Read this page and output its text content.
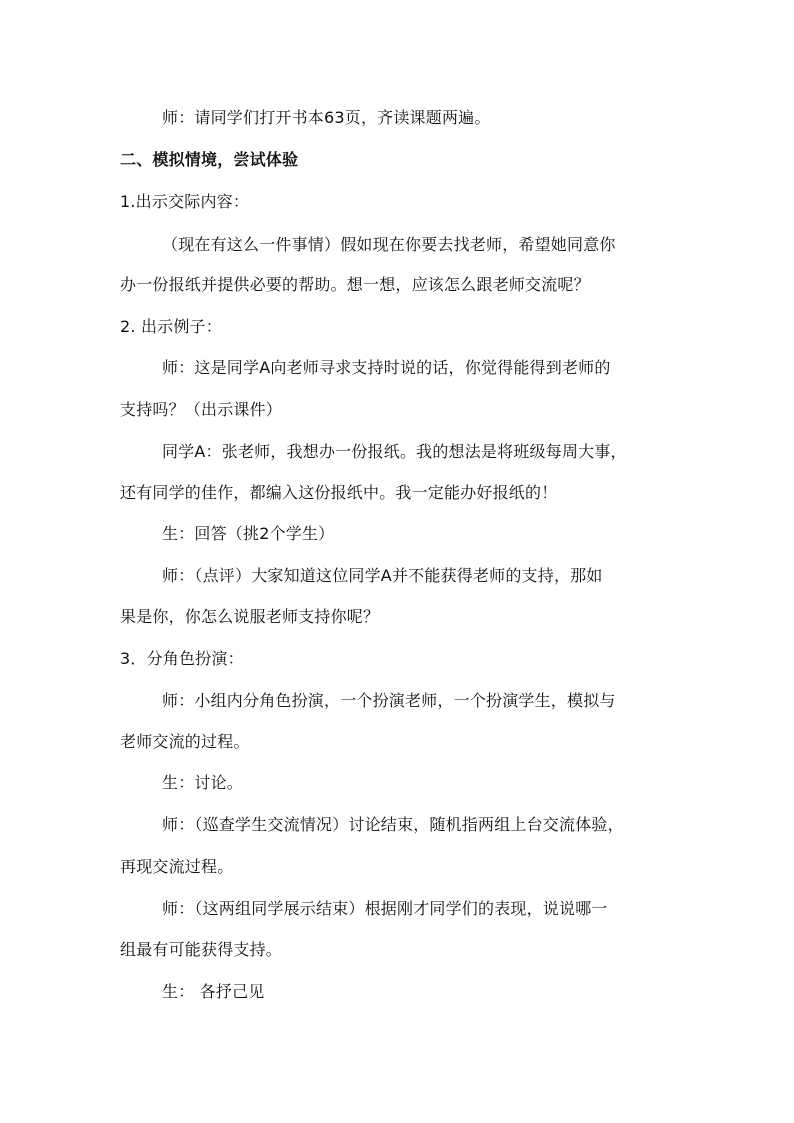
师：请同学们打开书本63页，齐读课题两遍。
二、模拟情境，尝试体验
1.出示交际内容：
（现在有这么一件事情）假如现在你要去找老师，希望她同意你
办一份报纸并提供必要的帮助。想一想，应该怎么跟老师交流呢？
2. 出示例子：
师：这是同学A向老师寻求支持时说的话，你觉得能得到老师的
支持吗？（出示课件）
同学A：张老师，我想办一份报纸。我的想法是将班级每周大事，
还有同学的佳作，都编入这份报纸中。我一定能办好报纸的！
生：回答（挑2个学生）
师：（点评）大家知道这位同学A并不能获得老师的支持，那如
果是你，你怎么说服老师支持你呢？
3．分角色扮演：
师：小组内分角色扮演，一个扮演老师，一个扮演学生，模拟与
老师交流的过程。
生：讨论。
师：（巡查学生交流情况）讨论结束，随机指两组上台交流体验，
再现交流过程。
师：（这两组同学展示结束）根据刚才同学们的表现，说说哪一
组最有可能获得支持。
生： 各抒己见
